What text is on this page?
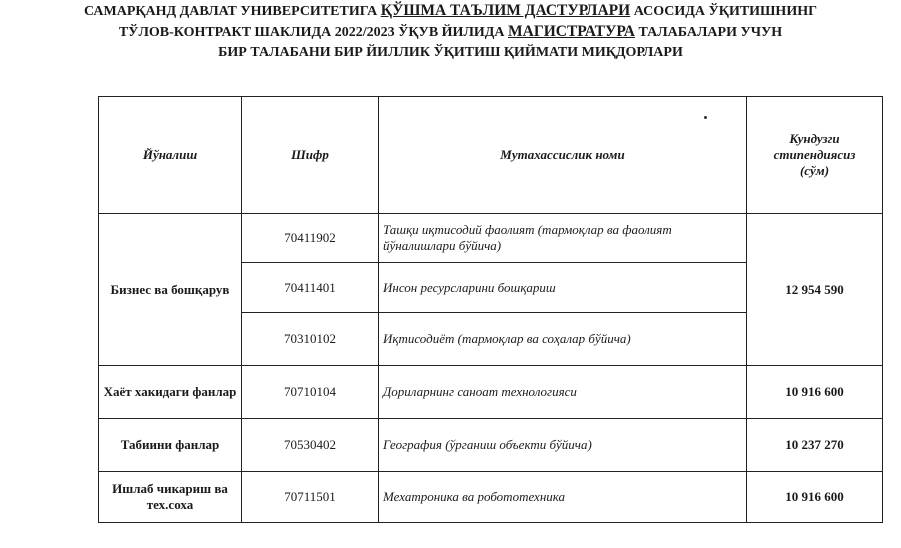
САМАРҚАНД ДАВЛАТ УНИВЕРСИТЕТИГА ҚЎШМА ТАЪЛИМ ДАСТУРЛАРИ АСОСИДА ЎҚИТИШНИНГ
ТЎЛОВ-КОНТРАКТ ШАКЛИДА 2022/2023 ЎҚУВ ЙИЛИДА МАГИСТРАТУРА ТАЛАБАЛАРИ УЧУН
БИР ТАЛАБАНИ БИР ЙИЛЛИК ЎҚИТИШ ҚИЙМАТИ МИҚДОРЛАРИ
Йўналиш	Шифр	Мутахассислик номи	Кундузги стипендиясиз (сўм)
Бизнес ва бошқарув	70411902	Ташқи иқтисодий фаолият (тармоқлар ва фаолият йўналишлари бўйича)	12 954 590
	70411401	Инсон ресурсларини бошқариш	
	70310102	Иқтисодиёт (тармоқлар ва соҳалар бўйича)	
Хаёт хакидаги фанлар	70710104	Дориларнинг саноат технологияси	10 916 600
Табиини фанлар	70530402	География (ўрганиш объекти бўйича)	10 237 270
Ишлаб чикариш ва тех.соха	70711501	Мехатроника ва робототехника	10 916 600
